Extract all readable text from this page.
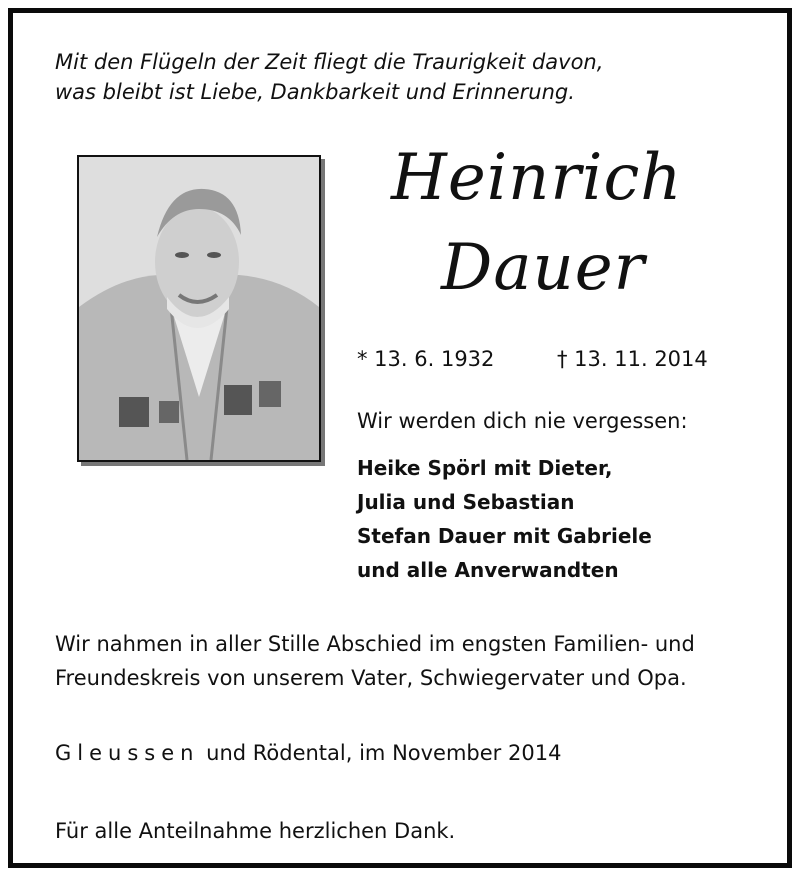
Mit den Flügeln der Zeit fliegt die Traurigkeit davon,
was bleibt ist Liebe, Dankbarkeit und Erinnerung.
Heinrich
Dauer
* 13. 6. 1932	† 13. 11. 2014
Wir werden dich nie vergessen:
Heike Spörl mit Dieter,
Julia und Sebastian
Stefan Dauer mit Gabriele
und alle Anverwandten
Wir nahmen in aller Stille Abschied im engsten Familien- und
Freundeskreis von unserem Vater, Schwiegervater und Opa.
Gleussen und Rödental, im November 2014
Für alle Anteilnahme herzlichen Dank.
